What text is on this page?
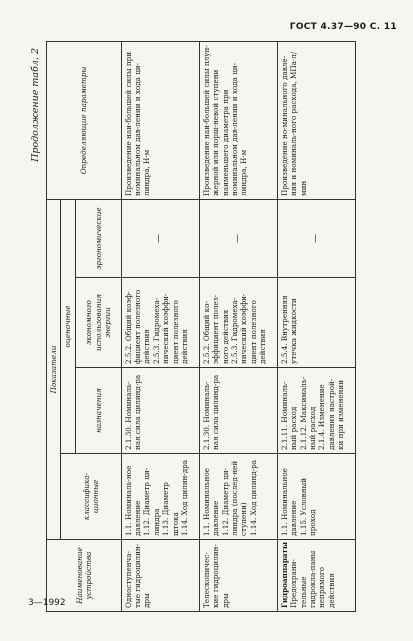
ГОСТ 4.37—90 С. 11
Продолжение табл. 2
Наименование устройства	Показатели				Определяющие параметры
	классифика-ционные	оценочные			
		назначения	экономного использования энергии	эргономические	
Одноступенча-тые гидроцилин-дры	1.1. Номиналь-ное давление 1.12. Диаметр ци-линдра 1.13. Диаметр штока 1.14. Ход цилин-дра	2.1.30. Номиналь-ная сила цилинд-ра	2.5.2. Общий коэф-фициент полезного действия 2.5.3. Гидромеха-нический коэффи-циент полезного действия	—	Произведение наи-большей силы при номинальном дав-лении и хода ци-линдра, Н·м
Телескопичес-кие гидроцилин-дры	1.1. Номинальное давление 1.12. Диаметр ци-линдра (послед-ней ступени) 1.14. Ход цилинд-ра	2.1.30. Номиналь-ная сила цилинд-ра	2.5.2. Общий ко-эффициент полез-ного действия 2.5.3. Гидромеха-нический коэффи-циент полезного действия	—	Произведение наи-большей силы плун-жерной или порш-невой ступени наименьшего диаметра при номинальном дав-лении и хода ци-линдра, Н·м

Гидроаппараты Предохрани-тельные гидрокла-паны непрямого действия	1.1. Номинальное давление 1.15. Условный проход	2.1.11. Номиналь-ный расход 2.1.12. Максималь-ный расход 2.1.4. Изменение давления настрой-ки при изменении	2.5.4. Внутренняя утечка жидкости	—	Произведение но-минального давле-ния и номиналь-ного расхода, МПа·л/мин
3—1992
